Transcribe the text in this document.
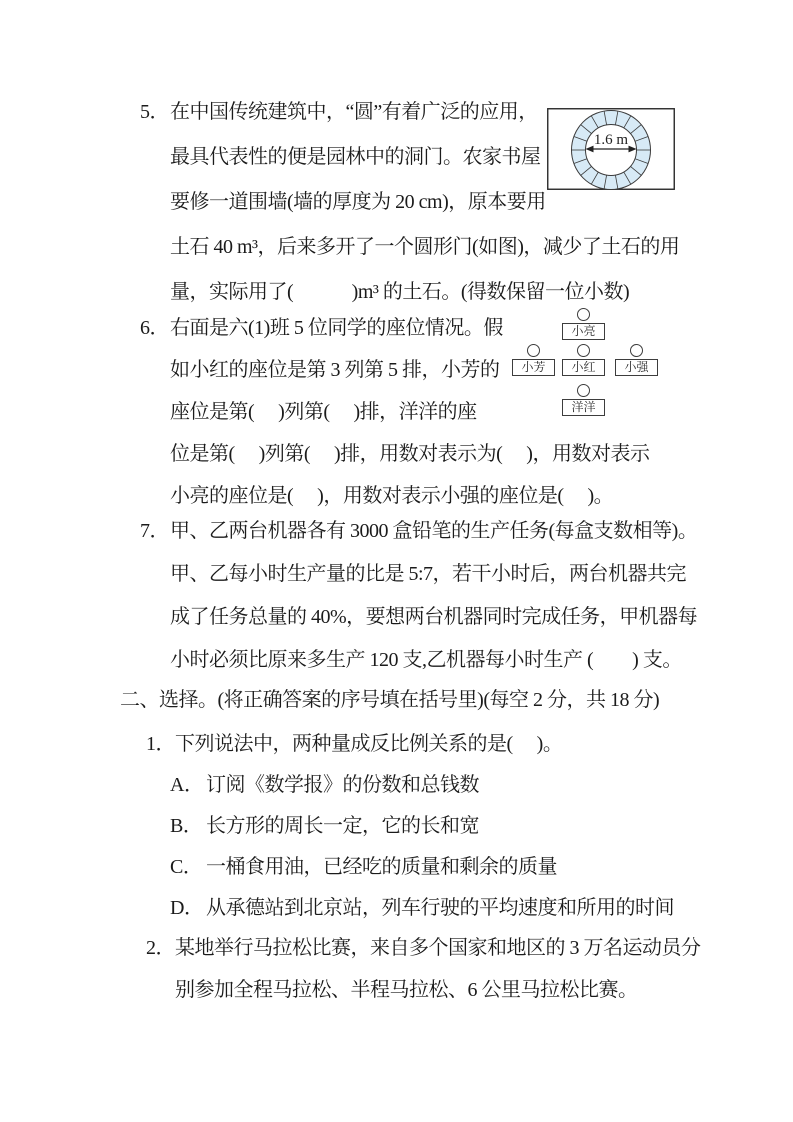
5．在中国传统建筑中，“圆”有着广泛的应用，
最具代表性的便是园林中的洞门。农家书屋
要修一道围墙(墙的厚度为 20 cm)，原本要用
土石 40 m³，后来多开了一个圆形门(如图)，减少了土石的用
量，实际用了(　　　)m³ 的土石。(得数保留一位小数)
1.6 m
6．右面是六(1)班 5 位同学的座位情况。假
如小红的座位是第 3 列第 5 排，小芳的
座位是第(　 )列第(　 )排，洋洋的座
位是第(　 )列第(　 )排，用数对表示为(　 )，用数对表示
小亮的座位是(　 )，用数对表示小强的座位是(　 )。
小亮
小芳	小红	小强
洋洋
7．甲、乙两台机器各有 3000 盒铅笔的生产任务(每盒支数相等)。
甲、乙每小时生产量的比是 5:7，若干小时后，两台机器共完
成了任务总量的 40%，要想两台机器同时完成任务，甲机器每
小时必须比原来多生产 120 支,乙机器每小时生产 (　　) 支。
二、选择。(将正确答案的序号填在括号里)(每空 2 分，共 18 分)
1．下列说法中，两种量成反比例关系的是(　 )。
A． 订阅《数学报》的份数和总钱数
B． 长方形的周长一定，它的长和宽
C． 一桶食用油，已经吃的质量和剩余的质量
D． 从承德站到北京站，列车行驶的平均速度和所用的时间
2．某地举行马拉松比赛，来自多个国家和地区的 3 万名运动员分
别参加全程马拉松、半程马拉松、6 公里马拉松比赛。
